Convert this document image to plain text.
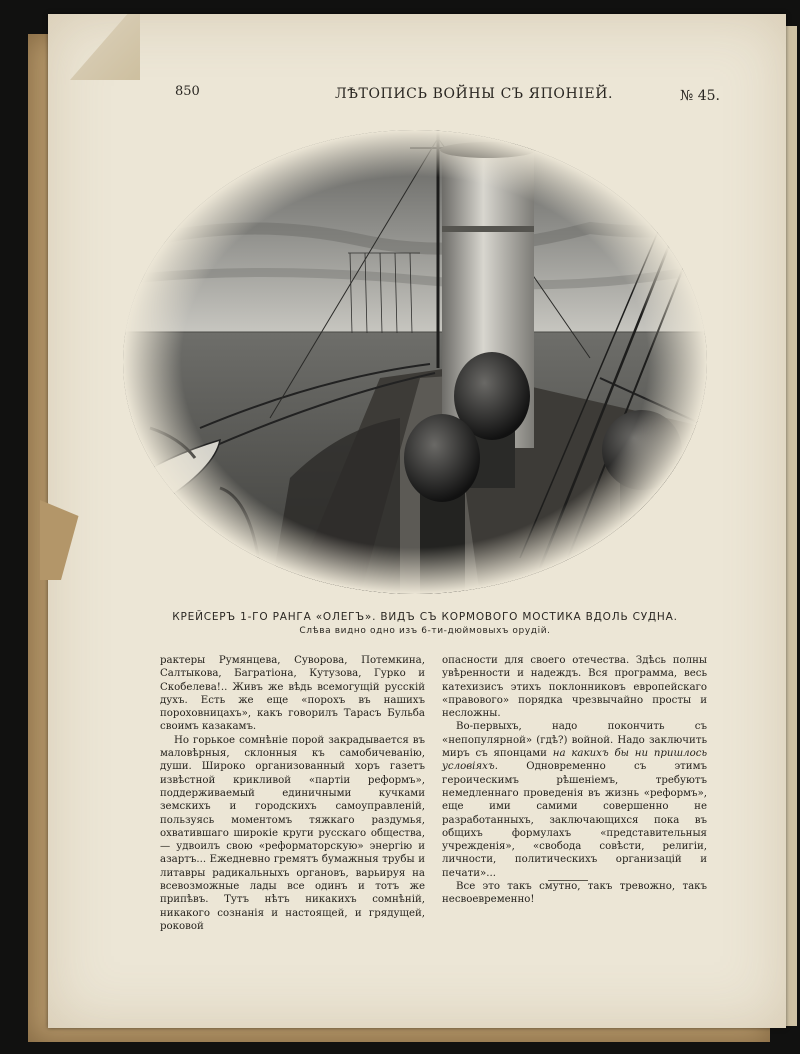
850	ЛѢТОПИСЬ ВОЙНЫ СЪ ЯПОНІЕЙ.	№ 45.
КРЕЙСЕРЪ 1-ГО РАНГА «ОЛЕГЪ». ВИДЪ СЪ КОРМОВОГО МОСТИКА ВДОЛЬ СУДНА.
Слѣва видно одно изъ 6-ти-дюймовыхъ орудій.

рактеры Румянцева, Суворова, Потемкина, Салтыкова, Багратіона, Кутузова, Гурко и Скобелева!.. Живъ же вѣдь всемогущій русскій духъ. Есть же еще «порохъ въ нашихъ пороховницахъ», какъ говорилъ Тарасъ Бульба своимъ казакамъ.

Но горькое сомнѣніе порой закрадывается въ маловѣрныя, склонныя къ самобичеванію, души. Широко организованный хоръ газетъ извѣстной крикливой «партіи реформъ», поддерживаемый единичными кучками земскихъ и городскихъ самоуправленій, пользуясь моментомъ тяжкаго раздумья, охватившаго широкіе круги русскаго общества, — удвоилъ свою «реформаторскую» энергію и азартъ... Ежедневно гремятъ бумажныя трубы и литавры радикальныхъ органовъ, варьируя на всевозможные лады все одинъ и тотъ же припѣвъ. Тутъ нѣтъ никакихъ сомнѣній, никакого сознанія и настоящей, и грядущей, роковой

опасности для своего отечества. Здѣсь полны увѣренности и надеждъ. Вся программа, весь катехизисъ этихъ поклонниковъ европейскаго «правового» порядка чрезвычайно просты и несложны.

Во-первыхъ, надо покончить съ «непопулярной» (гдѣ?) войной. Надо заключить миръ съ японцами на какихъ бы ни пришлось условіяхъ.	Одновременно съ этимъ героическимъ рѣшеніемъ, требуютъ немедленнаго проведенія въ жизнь «реформъ», еще ими самими совершенно не разработанныхъ, заключающихся пока въ общихъ формулахъ «представительныя учрежденія», «свобода совѣсти, религіи, личности, политическихъ организацій и печати»...

Все это такъ смутно, такъ тревожно, такъ несвоевременно!
